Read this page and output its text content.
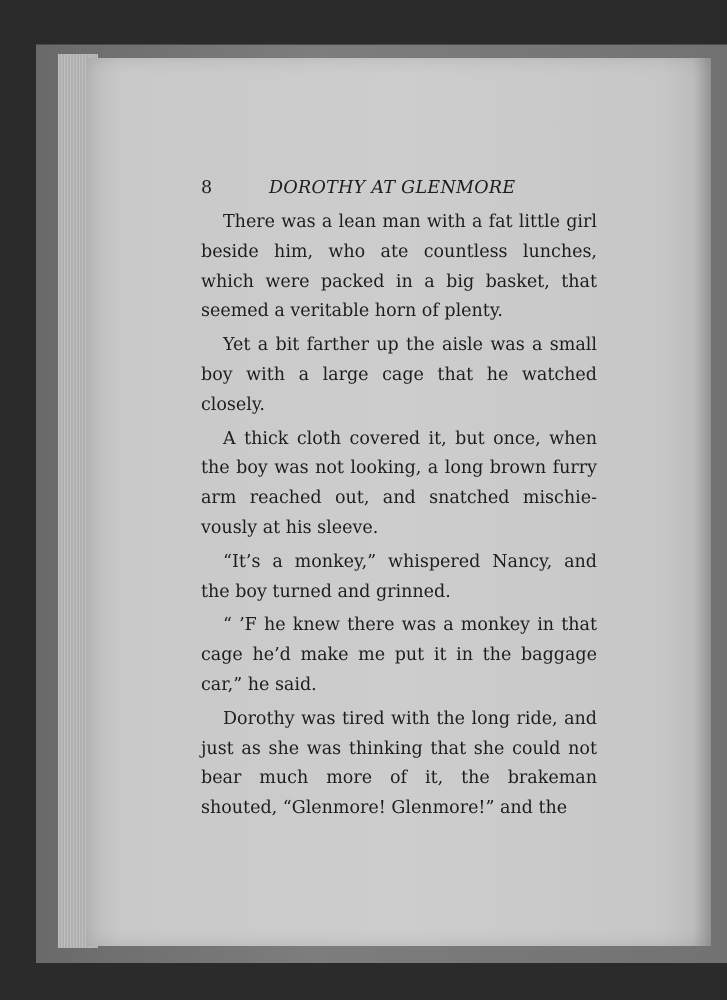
8	DOROTHY AT GLENMORE

There was a lean man with a fat little girl beside him, who ate countless lunches, which were packed in a big basket, that seemed a veritable horn of plenty.

Yet a bit farther up the aisle was a small boy with a large cage that he watched closely.

A thick cloth covered it, but once, when the boy was not looking, a long brown furry arm reached out, and snatched mischievously at his sleeve.

“It’s a monkey,” whispered Nancy, and the boy turned and grinned.

“ ’F he knew there was a monkey in that cage he’d make me put it in the baggage car,” he said.

Dorothy was tired with the long ride, and just as she was thinking that she could not bear much more of it, the brakeman shouted, “Glenmore! Glenmore!” and the
